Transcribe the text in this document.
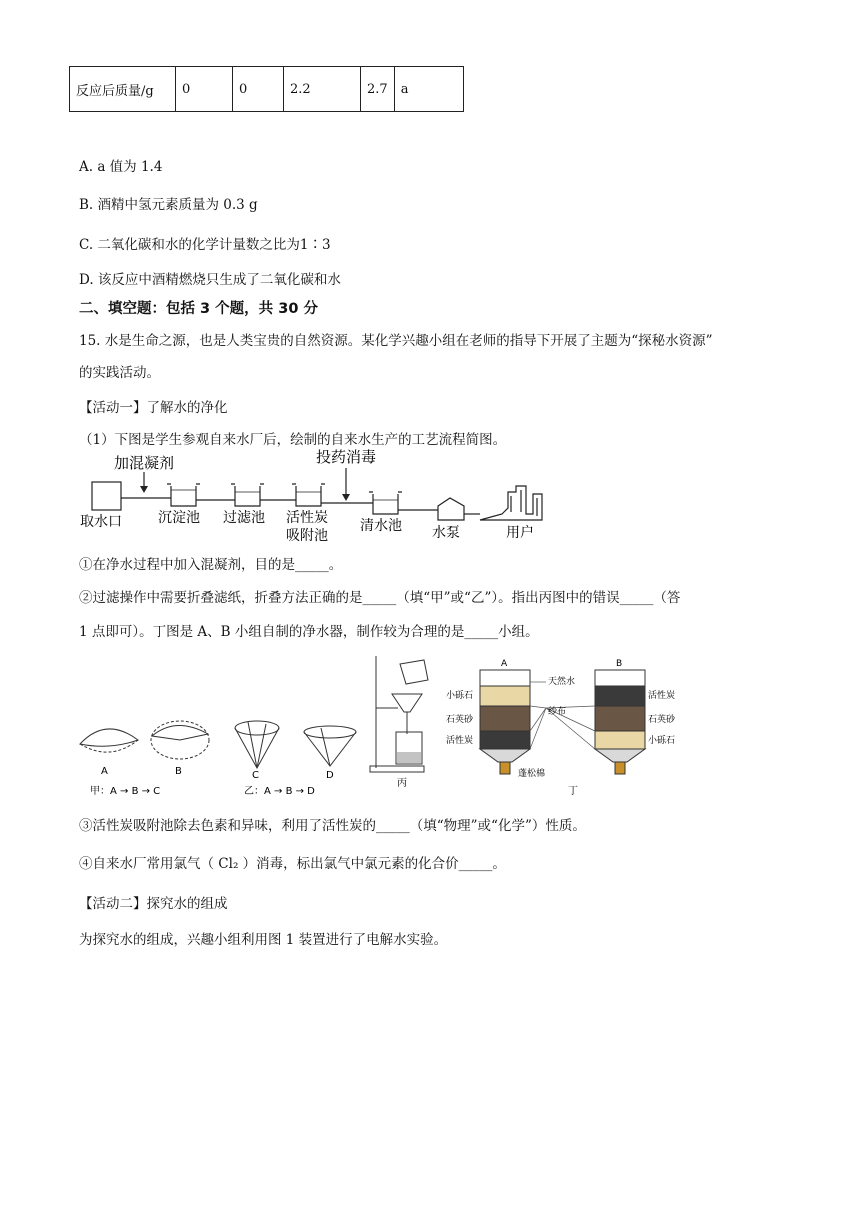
反应后质量/g	0	0	2.2	2.7	a
A. a 值为 1.4
B. 酒精中氢元素质量为 0.3 g
C. 二氧化碳和水的化学计量数之比为1∶3
D. 该反应中酒精燃烧只生成了二氧化碳和水
二、填空题：包括 3 个题，共 30 分
15. 水是生命之源，也是人类宝贵的自然资源。某化学兴趣小组在老师的指导下开展了主题为“探秘水资源”
的实践活动。
【活动一】了解水的净化
（1）下图是学生参观自来水厂后，绘制的自来水生产的工艺流程简图。
加混凝剂	投药消毒
取水口	沉淀池 过滤池 活性炭
吸附池
清水池 水泵	用户
①在净水过程中加入混凝剂，目的是_____。
②过滤操作中需要折叠滤纸，折叠方法正确的是_____（填“甲”或“乙”）。指出丙图中的错误_____（答
1 点即可）。丁图是 A、B 小组自制的净水器，制作较为合理的是_____小组。
A	B	C	D
甲：A → B → C	乙：A → B → D
丙
A	B
天然水
小砾石
纱布
石英砂
活性炭
蓬松棉
活性炭
石英砂
小砾石
丁
③活性炭吸附池除去色素和异味，利用了活性炭的_____（填“物理”或“化学”）性质。
④自来水厂常用氯气（ Cl₂ ）消毒，标出氯气中氯元素的化合价_____。
【活动二】探究水的组成
为探究水的组成，兴趣小组利用图 1 装置进行了电解水实验。
